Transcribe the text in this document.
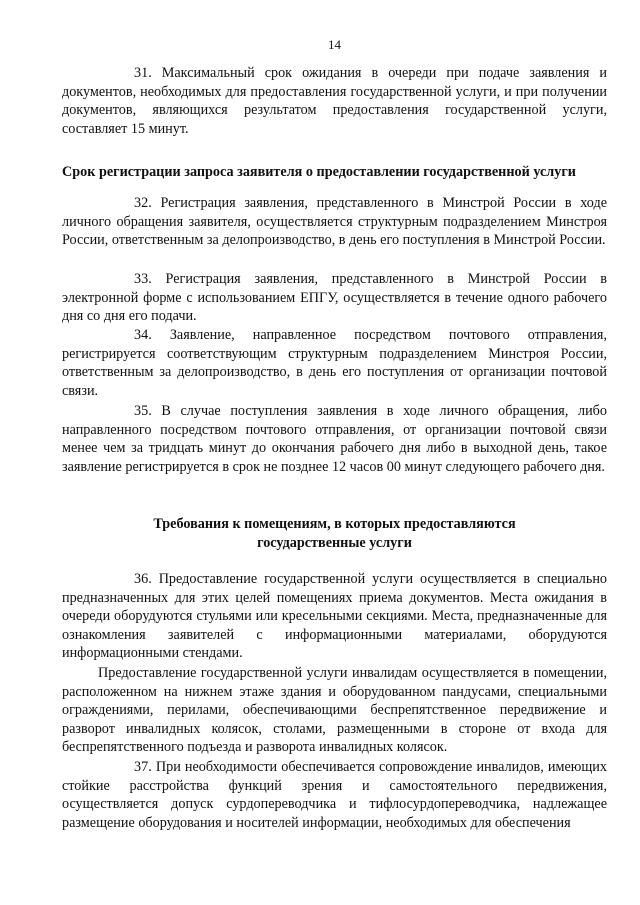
14

31. Максимальный срок ожидания в очереди при подаче заявления и документов, необходимых для предоставления государственной услуги, и при получении документов, являющихся результатом предоставления государственной услуги, составляет 15 минут.

Срок регистрации запроса заявителя о предоставлении государственной услуги

32. Регистрация заявления, представленного в Минстрой России в ходе личного обращения заявителя, осуществляется структурным подразделением Минстроя России, ответственным за делопроизводство, в день его поступления в Минстрой России.

33. Регистрация заявления, представленного в Минстрой России в электронной форме с использованием ЕПГУ, осуществляется в течение одного рабочего дня со дня его подачи.

34. Заявление, направленное посредством почтового отправления, регистрируется соответствующим структурным подразделением Минстроя России, ответственным за делопроизводство, в день его поступления от организации почтовой связи.

35. В случае поступления заявления в ходе личного обращения, либо направленного посредством почтового отправления, от организации почтовой связи менее чем за тридцать минут до окончания рабочего дня либо в выходной день, такое заявление регистрируется в срок не позднее 12 часов 00 минут следующего рабочего дня.

Требования к помещениям, в которых предоставляются
государственные услуги

36. Предоставление государственной услуги осуществляется в специально предназначенных для этих целей помещениях приема документов. Места ожидания в очереди оборудуются стульями или кресельными секциями. Места, предназначенные для ознакомления заявителей с информационными материалами, оборудуются информационными стендами.

Предоставление государственной услуги инвалидам осуществляется в помещении, расположенном на нижнем этаже здания и оборудованном пандусами, специальными ограждениями, перилами, обеспечивающими беспрепятственное передвижение и разворот инвалидных колясок, столами, размещенными в стороне от входа для беспрепятственного подъезда и разворота инвалидных колясок.

37. При необходимости обеспечивается сопровождение инвалидов, имеющих стойкие расстройства функций зрения и самостоятельного передвижения, осуществляется допуск сурдопереводчика и тифлосурдопереводчика, надлежащее размещение оборудования и носителей информации, необходимых для обеспечения
